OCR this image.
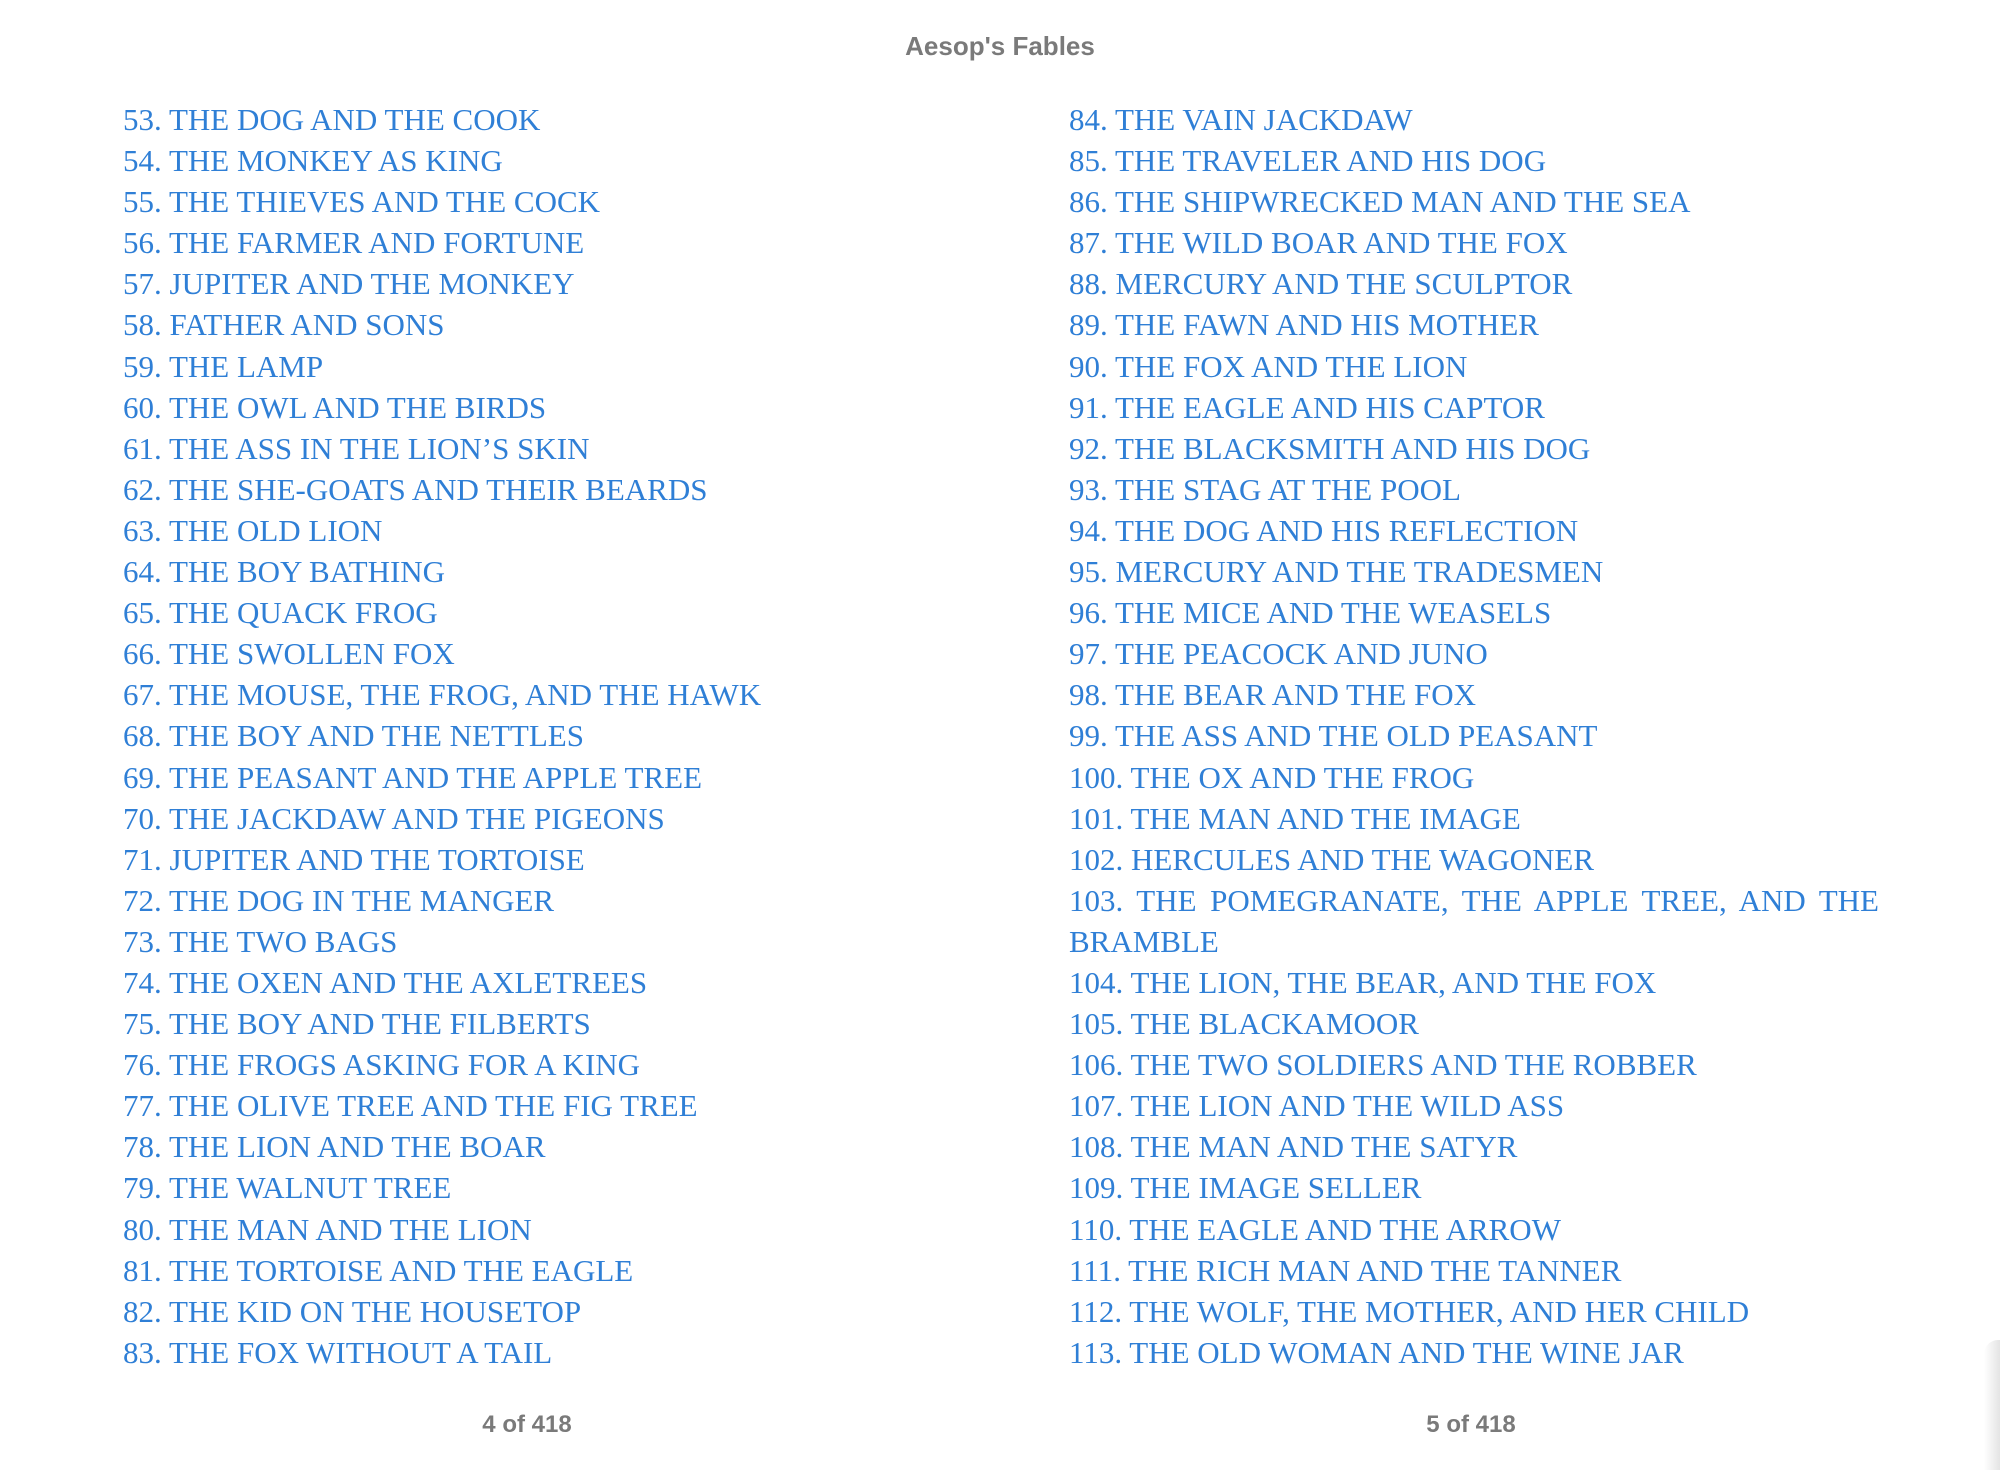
Aesop's Fables
53. THE DOG AND THE COOK
54. THE MONKEY AS KING
55. THE THIEVES AND THE COCK
56. THE FARMER AND FORTUNE
57. JUPITER AND THE MONKEY
58. FATHER AND SONS
59. THE LAMP
60. THE OWL AND THE BIRDS
61. THE ASS IN THE LION’S SKIN
62. THE SHE-GOATS AND THEIR BEARDS
63. THE OLD LION
64. THE BOY BATHING
65. THE QUACK FROG
66. THE SWOLLEN FOX
67. THE MOUSE, THE FROG, AND THE HAWK
68. THE BOY AND THE NETTLES
69. THE PEASANT AND THE APPLE TREE
70. THE JACKDAW AND THE PIGEONS
71. JUPITER AND THE TORTOISE
72. THE DOG IN THE MANGER
73. THE TWO BAGS
74. THE OXEN AND THE AXLETREES
75. THE BOY AND THE FILBERTS
76. THE FROGS ASKING FOR A KING
77. THE OLIVE TREE AND THE FIG TREE
78. THE LION AND THE BOAR
79. THE WALNUT TREE
80. THE MAN AND THE LION
81. THE TORTOISE AND THE EAGLE
82. THE KID ON THE HOUSETOP
83. THE FOX WITHOUT A TAIL
84. THE VAIN JACKDAW
85. THE TRAVELER AND HIS DOG
86. THE SHIPWRECKED MAN AND THE SEA
87. THE WILD BOAR AND THE FOX
88. MERCURY AND THE SCULPTOR
89. THE FAWN AND HIS MOTHER
90. THE FOX AND THE LION
91. THE EAGLE AND HIS CAPTOR
92. THE BLACKSMITH AND HIS DOG
93. THE STAG AT THE POOL
94. THE DOG AND HIS REFLECTION
95. MERCURY AND THE TRADESMEN
96. THE MICE AND THE WEASELS
97. THE PEACOCK AND JUNO
98. THE BEAR AND THE FOX
99. THE ASS AND THE OLD PEASANT
100. THE OX AND THE FROG
101. THE MAN AND THE IMAGE
102. HERCULES AND THE WAGONER
103. THE POMEGRANATE, THE APPLE TREE, AND THE BRAMBLE
104. THE LION, THE BEAR, AND THE FOX
105. THE BLACKAMOOR
106. THE TWO SOLDIERS AND THE ROBBER
107. THE LION AND THE WILD ASS
108. THE MAN AND THE SATYR
109. THE IMAGE SELLER
110. THE EAGLE AND THE ARROW
111. THE RICH MAN AND THE TANNER
112. THE WOLF, THE MOTHER, AND HER CHILD
113. THE OLD WOMAN AND THE WINE JAR
4 of 418	5 of 418
